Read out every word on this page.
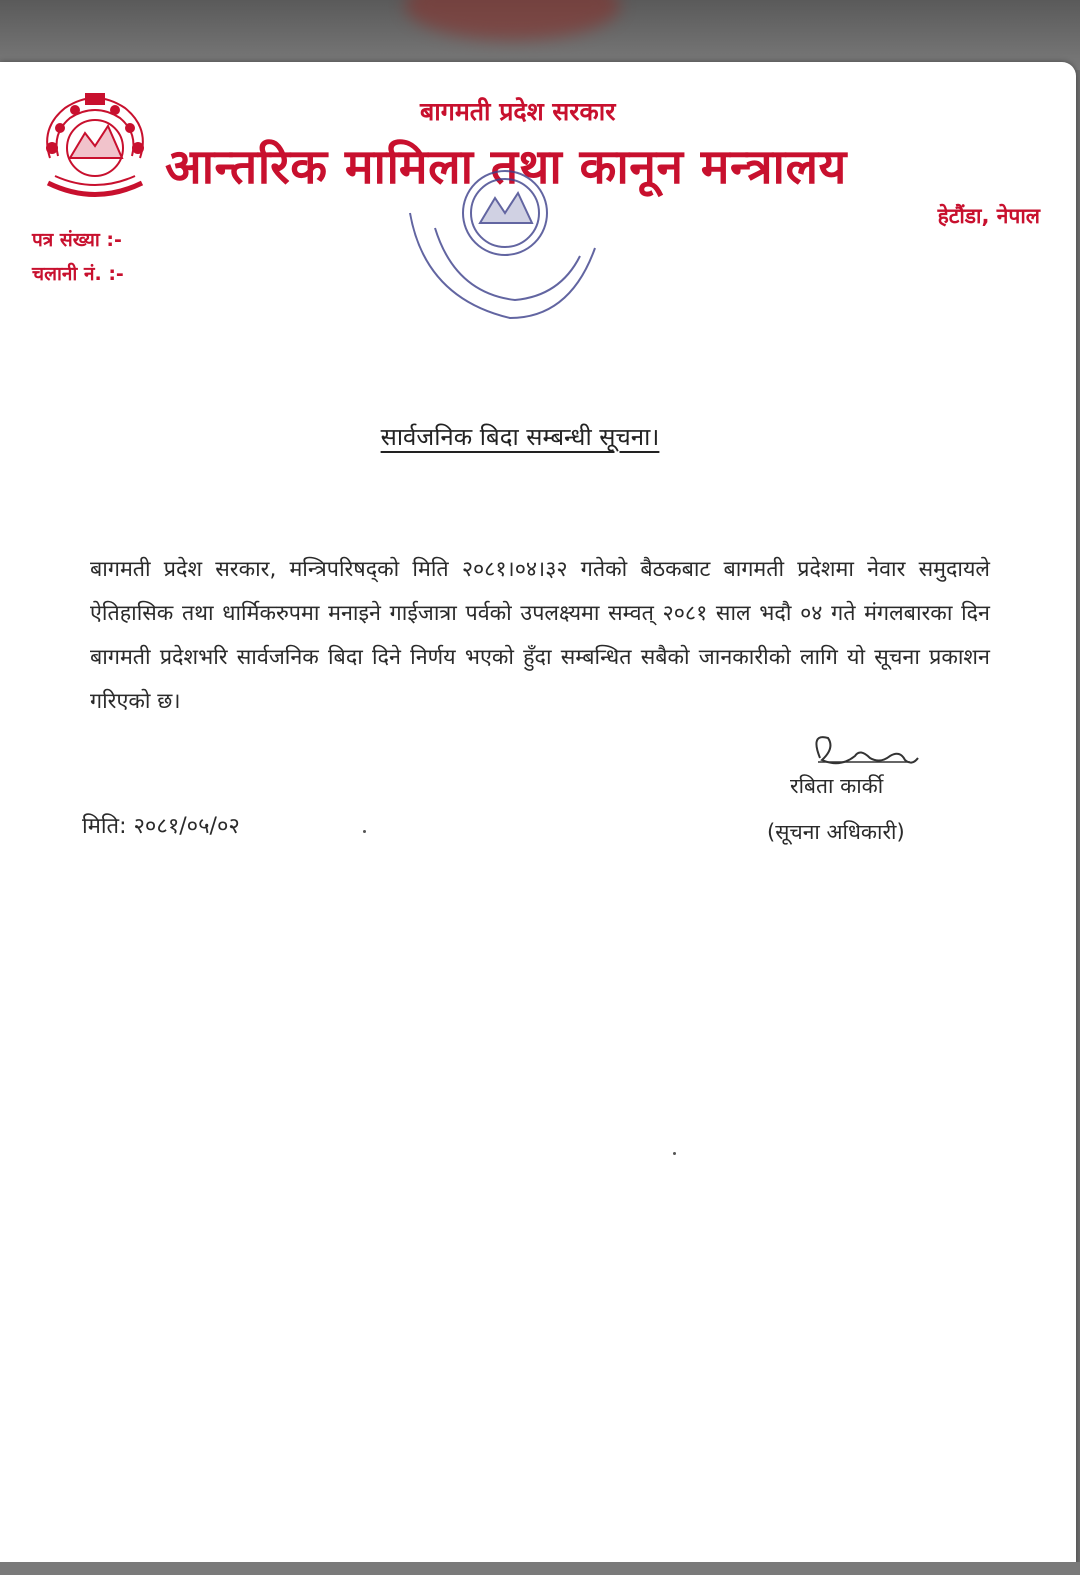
बागमती प्रदेश सरकार
आन्तरिक मामिला तथा कानून मन्त्रालय
हेटौंडा, नेपाल
पत्र संख्या :-
चलानी नं. :-
सार्वजनिक बिदा सम्बन्धी सूचना।
बागमती प्रदेश सरकार, मन्त्रिपरिषद्को मिति २०८१।०४।३२ गतेको बैठकबाट बागमती प्रदेशमा नेवार समुदायले ऐतिहासिक तथा धार्मिकरुपमा मनाइने गाईजात्रा पर्वको उपलक्ष्यमा सम्वत् २०८१ साल भदौ ०४ गते मंगलबारका दिन बागमती प्रदेशभरि सार्वजनिक बिदा दिने निर्णय भएको हुँदा सम्बन्धित सबैको जानकारीको लागि यो सूचना प्रकाशन गरिएको छ।
रबिता कार्की
(सूचना अधिकारी)
मिति: २०८१/०५/०२
